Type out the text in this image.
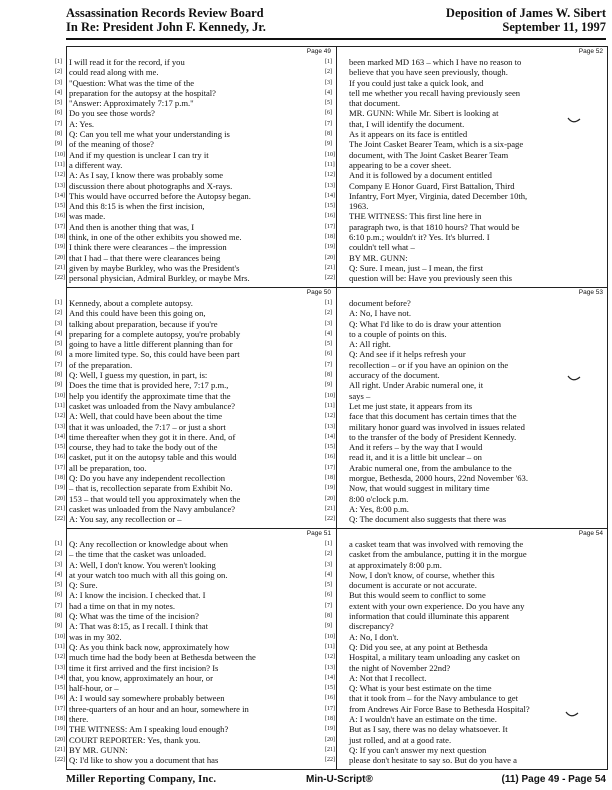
Assassination Records Review Board
In Re: President John F. Kennedy, Jr.
Deposition of James W. Sibert
September 11, 1997
Page 49
[1] I will read it for the record, if you
[2] could read along with me.
[3] "Question: What was the time of the
[4] preparation for the autopsy at the hospital?
[5] "Answer: Approximately 7:17 p.m."
[6] Do you see those words?
[7] A: Yes.
[8] Q: Can you tell me what your understanding is
[9] of the meaning of those?
[10] And if my question is unclear I can try it
[11] a different way.
[12] A: As I say, I know there was probably some
[13] discussion there about photographs and X-rays.
[14] This would have occurred before the Autopsy began.
[15] And this 8:15 is when the first incision,
[16] was made.
[17] And then is another thing that was, I
[18] think, in one of the other exhibits you showed me.
[19] I think there were clearances – the impression
[20] that I had – that there were clearances being
[21] given by maybe Burkley, who was the President's
[22] personal physician, Admiral Burkley, or maybe Mrs.
Page 50
[1] Kennedy, about a complete autopsy.
[2] And this could have been this going on,
[3] talking about preparation, because if you're
[4] preparing for a complete autopsy, you're probably
[5] going to have a little different planning than for
[6] a more limited type. So, this could have been part
[7] of the preparation.
[8] Q: Well, I guess my question, in part, is:
[9] Does the time that is provided here, 7:17 p.m.,
[10] help you identify the approximate time that the
[11] casket was unloaded from the Navy ambulance?
[12] A: Well, that could have been about the time
[13] that it was unloaded, the 7:17 – or just a short
[14] time thereafter when they got it in there. And, of
[15] course, they had to take the body out of the
[16] casket, put it on the autopsy table and this would
[17] all be preparation, too.
[18] Q: Do you have any independent recollection
[19] – that is, recollection separate from Exhibit No.
[20] 153 – that would tell you approximately when the
[21] casket was unloaded from the Navy ambulance?
[22] A: You say, any recollection or –
Page 51
[1] Q: Any recollection or knowledge about when
[2] – the time that the casket was unloaded.
[3] A: Well, I don't know. You weren't looking
[4] at your watch too much with all this going on.
[5] Q: Sure.
[6] A: I know the incision. I checked that. I
[7] had a time on that in my notes.
[8] Q: What was the time of the incision?
[9] A: That was 8:15, as I recall. I think that
[10] was in my 302.
[11] Q: As you think back now, approximately how
[12] much time had the body been at Bethesda between the
[13] time it first arrived and the first incision? Is
[14] that, you know, approximately an hour, or
[15] half-hour, or –
[16] A: I would say somewhere probably between
[17] three-quarters of an hour and an hour, somewhere in
[18] there.
[19] THE WITNESS: Am I speaking loud enough?
[20] COURT REPORTER: Yes, thank you.
[21] BY MR. GUNN:
[22] Q: I'd like to show you a document that has
Page 52
[1]	been marked MD 163 – which I have no reason to
[2]	believe that you have seen previously, though.
[3]	If you could just take a quick look, and
[4]	tell me whether you recall having previously seen
[5]	that document.
[6]	MR. GUNN: While Mr. Sibert is looking at
[7]	that, I will identify the document.
[8]	As it appears on its face is entitled
[9]	The Joint Casket Bearer Team, which is a six-page
[10] document, with The Joint Casket Bearer Team
[11] appearing to be a cover sheet.
[12] And it is followed by a document entitled
[13] Company E Honor Guard, First Battalion, Third
[14] Infantry, Fort Myer, Virginia, dated December 10th,
[15] 1963.
[16] THE WITNESS: This first line here in
[17] paragraph two, is that 1810 hours? That would be
[18] 6:10 p.m.; wouldn't it? Yes. It's blurred. I
[19] couldn't tell what –
[20] BY MR. GUNN:
[21] Q: Sure. I mean, just – I mean, the first
[22] question will be: Have you previously seen this
Page 53
[1]	document before?
[2]	A: No, I have not.
[3]	Q: What I'd like to do is draw your attention
[4]	to a couple of points on this.
[5]	A: All right.
[6]	Q: And see if it helps refresh your
[7]	recollection – or if you have an opinion on the
[8]	accuracy of the document.
[9]	All right. Under Arabic numeral one, it
[10] says –
[11] Let me just state, it appears from its
[12] face that this document has certain times that the
[13] military honor guard was involved in issues related
[14] to the transfer of the body of President Kennedy.
[15] And it refers – by the way that I would
[16] read it, and it is a little bit unclear – on
[17] Arabic numeral one, from the ambulance to the
[18] morgue, Bethesda, 2000 hours, 22nd November '63.
[19] Now, that would suggest in military time
[20] 8:00 o'clock p.m.
[21] A: Yes, 8:00 p.m.
[22] Q: The document also suggests that there was
Page 54
[1]	a casket team that was involved with removing the
[2]	casket from the ambulance, putting it in the morgue
[3]	at approximately 8:00 p.m.
[4]	Now, I don't know, of course, whether this
[5]	document is accurate or not accurate.
[6]	But this would seem to conflict to some
[7]	extent with your own experience. Do you have any
[8]	information that could illuminate this apparent
[9]	discrepancy?
[10] A: No, I don't.
[11] Q: Did you see, at any point at Bethesda
[12] Hospital, a military team unloading any casket on
[13] the night of November 22nd?
[14] A: Not that I recollect.
[15] Q: What is your best estimate on the time
[16] that it took from – for the Navy ambulance to get
[17] from Andrews Air Force Base to Bethesda Hospital?
[18] A: I wouldn't have an estimate on the time.
[19] But as I say, there was no delay whatsoever. It
[20] just rolled, and at a good rate.
[21] Q: If you can't answer my next question
[22] please don't hesitate to say so. But do you have a
Miller Reporting Company, Inc.	Min-U-Script®	(11) Page 49 - Page 54
